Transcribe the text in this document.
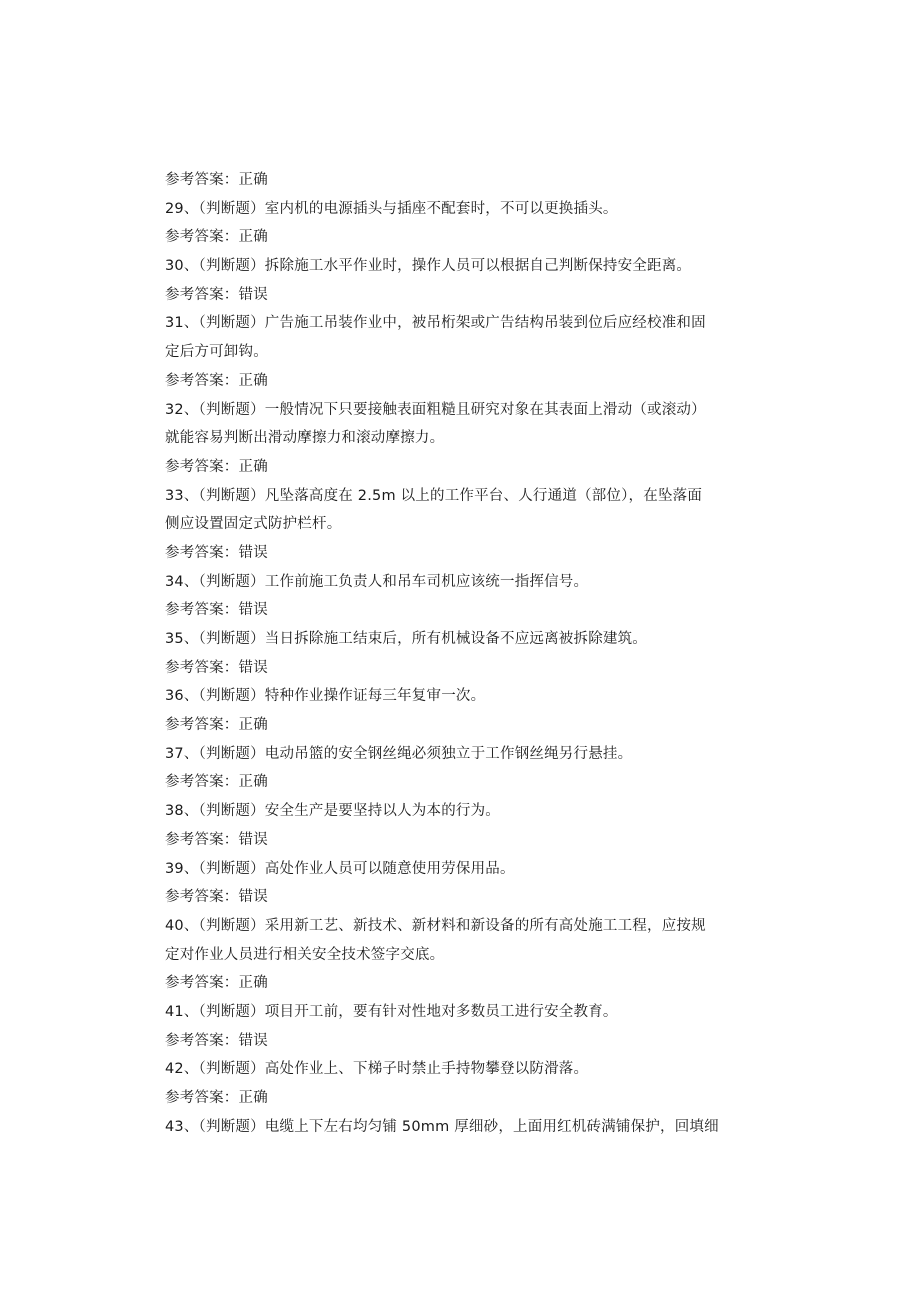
参考答案：正确
29、（判断题）室内机的电源插头与插座不配套时，不可以更换插头。
参考答案：正确
30、（判断题）拆除施工水平作业时，操作人员可以根据自己判断保持安全距离。
参考答案：错误
31、（判断题）广告施工吊装作业中，被吊桁架或广告结构吊装到位后应经校准和固
定后方可卸钩。
参考答案：正确
32、（判断题）一般情况下只要接触表面粗糙且研究对象在其表面上滑动（或滚动）
就能容易判断出滑动摩擦力和滚动摩擦力。
参考答案：正确
33、（判断题）凡坠落高度在 2.5m 以上的工作平台、人行通道（部位），在坠落面
侧应设置固定式防护栏杆。
参考答案：错误
34、（判断题）工作前施工负责人和吊车司机应该统一指挥信号。
参考答案：错误
35、（判断题）当日拆除施工结束后，所有机械设备不应远离被拆除建筑。
参考答案：错误
36、（判断题）特种作业操作证每三年复审一次。
参考答案：正确
37、（判断题）电动吊篮的安全钢丝绳必须独立于工作钢丝绳另行悬挂。
参考答案：正确
38、（判断题）安全生产是要坚持以人为本的行为。
参考答案：错误
39、（判断题）高处作业人员可以随意使用劳保用品。
参考答案：错误
40、（判断题）采用新工艺、新技术、新材料和新设备的所有高处施工工程，应按规
定对作业人员进行相关安全技术签字交底。
参考答案：正确
41、（判断题）项目开工前，要有针对性地对多数员工进行安全教育。
参考答案：错误
42、（判断题）高处作业上、下梯子时禁止手持物攀登以防滑落。
参考答案：正确
43、（判断题）电缆上下左右均匀铺 50mm 厚细砂，上面用红机砖满铺保护，回填细
